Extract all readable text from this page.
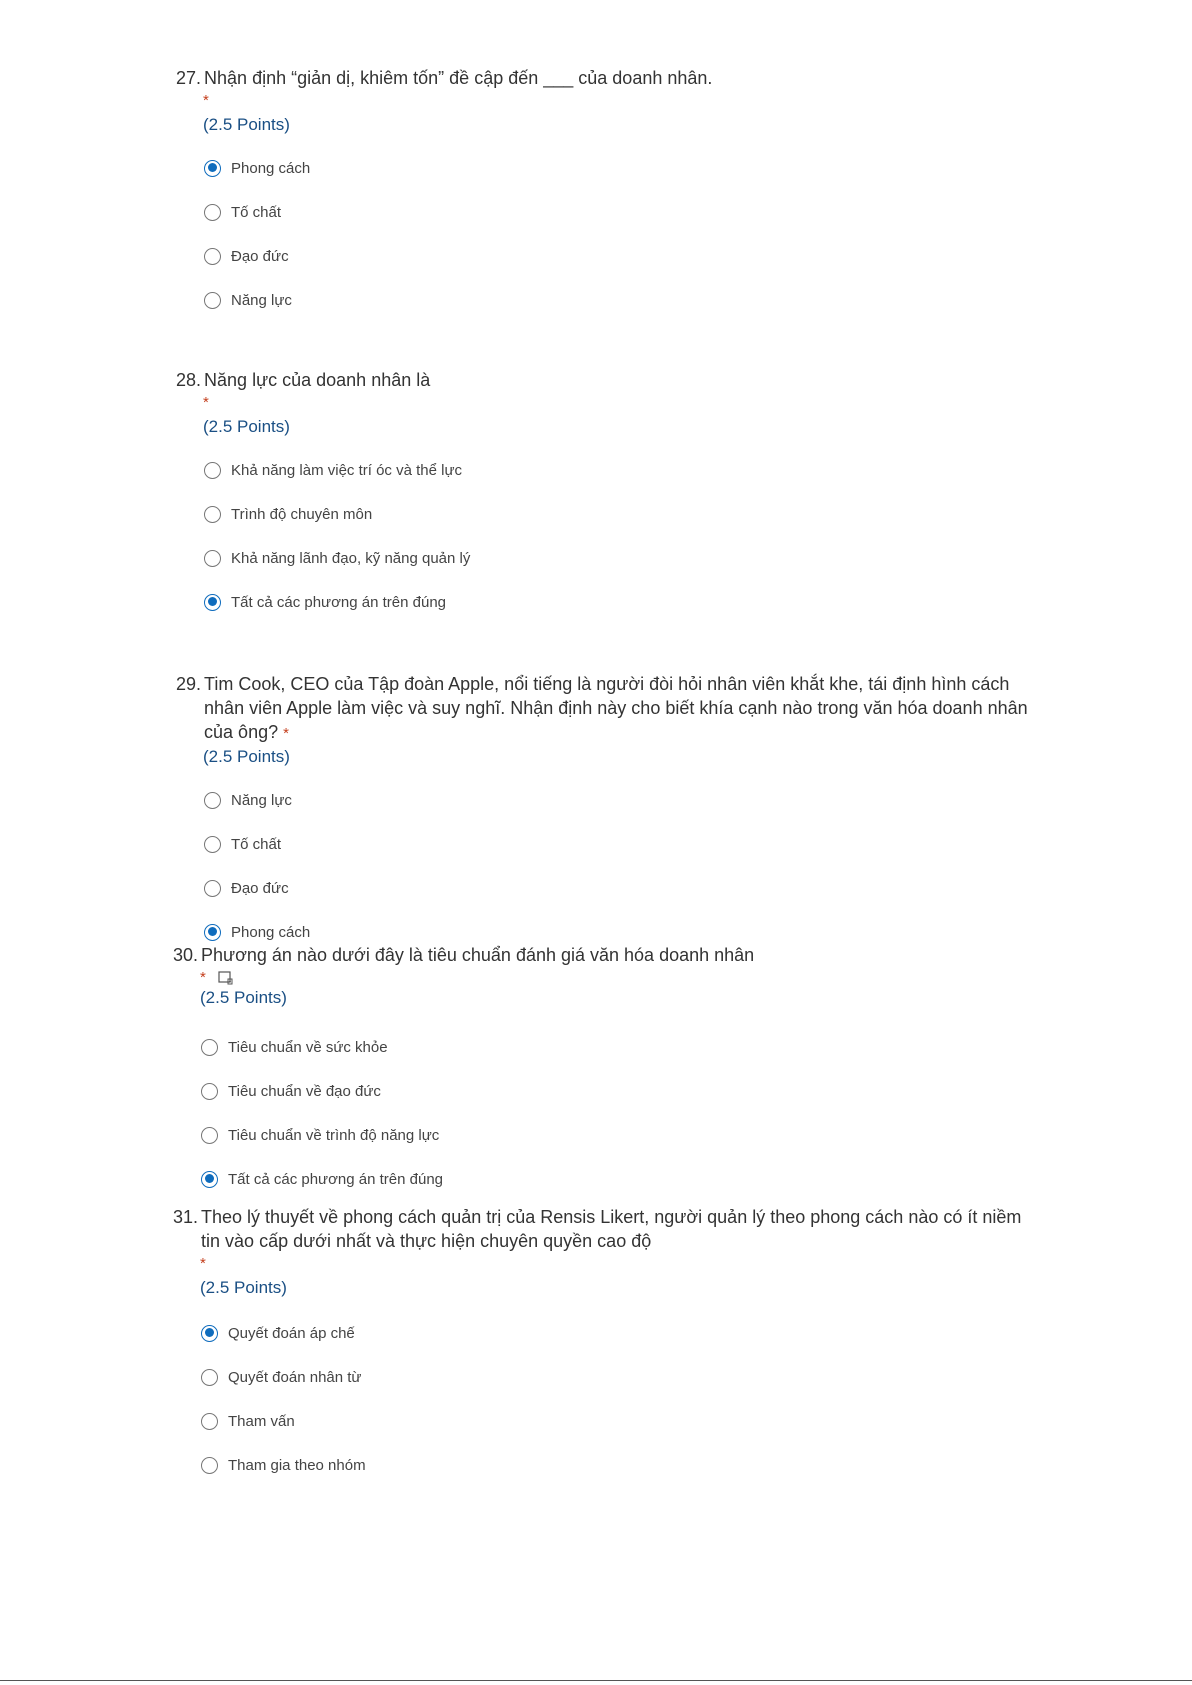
27. Nhận định “giản dị, khiêm tốn” đề cập đến ___ của doanh nhân.
*
(2.5 Points)
Phong cách
Tố chất
Đạo đức
Năng lực
28. Năng lực của doanh nhân là
*
(2.5 Points)
Khả năng làm việc trí óc và thể lực
Trình độ chuyên môn
Khả năng lãnh đạo, kỹ năng quản lý
Tất cả các phương án trên đúng
29. Tim Cook, CEO của Tập đoàn Apple, nổi tiếng là người đòi hỏi nhân viên khắt khe, tái định hình cách nhân viên Apple làm việc và suy nghĩ. Nhận định này cho biết khía cạnh nào trong văn hóa doanh nhân của ông? *
(2.5 Points)
Năng lực
Tố chất
Đạo đức
Phong cách
30. Phương án nào dưới đây là tiêu chuẩn đánh giá văn hóa doanh nhân
*
(2.5 Points)
Tiêu chuẩn về sức khỏe
Tiêu chuẩn về đạo đức
Tiêu chuẩn về trình độ năng lực
Tất cả các phương án trên đúng
31. Theo lý thuyết về phong cách quản trị của Rensis Likert, người quản lý theo phong cách nào có ít niềm tin vào cấp dưới nhất và thực hiện chuyên quyền cao độ
*
(2.5 Points)
Quyết đoán áp chế
Quyết đoán nhân từ
Tham vấn
Tham gia theo nhóm
